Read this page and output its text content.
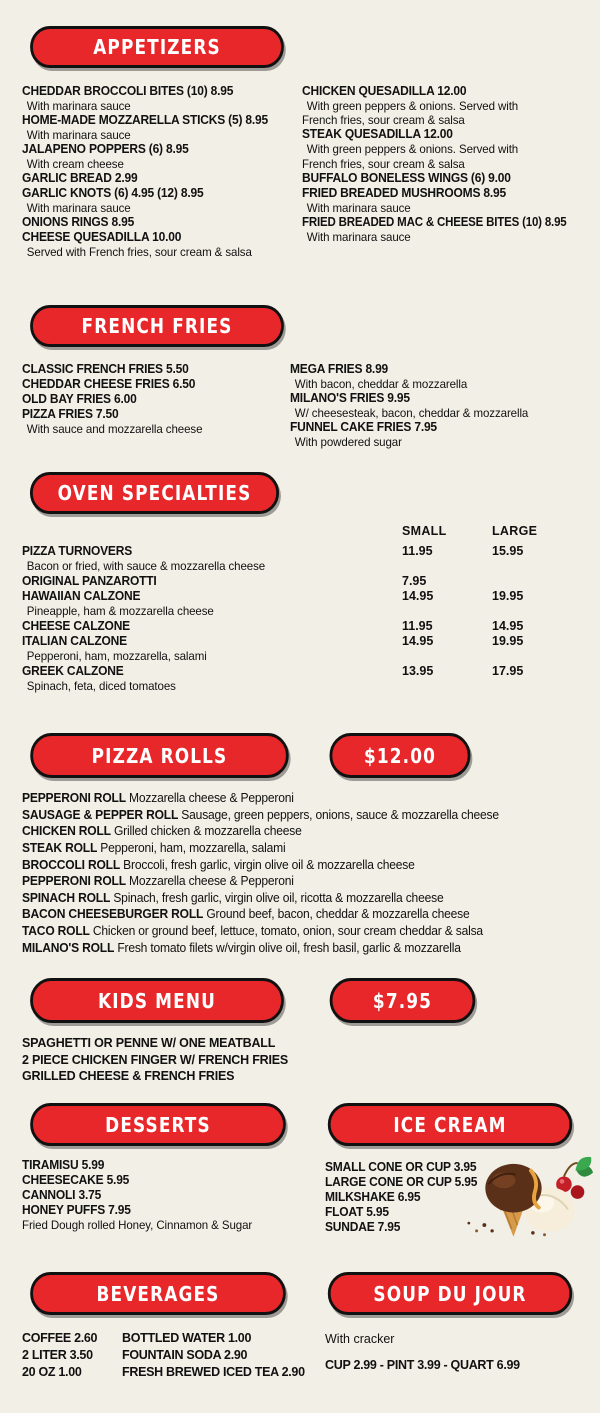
APPETIZERS
CHEDDAR BROCCOLI BITES (10) 8.95
With marinara sauce
HOME-MADE MOZZARELLA STICKS (5) 8.95
With marinara sauce
JALAPENO POPPERS (6) 8.95
With cream cheese
GARLIC BREAD 2.99
GARLIC KNOTS (6) 4.95 (12) 8.95
With marinara sauce
ONIONS RINGS 8.95
CHEESE QUESADILLA 10.00
Served with French fries, sour cream & salsa
CHICKEN QUESADILLA 12.00
With green peppers & onions. Served with
French fries, sour cream & salsa
STEAK QUESADILLA 12.00
With green peppers & onions. Served with
French fries, sour cream & salsa
BUFFALO BONELESS WINGS (6) 9.00
FRIED BREADED MUSHROOMS 8.95
With marinara sauce
FRIED BREADED MAC & CHEESE BITES (10) 8.95
With marinara sauce
FRENCH FRIES
CLASSIC FRENCH FRIES 5.50
CHEDDAR CHEESE FRIES 6.50
OLD BAY FRIES 6.00
PIZZA FRIES 7.50
With sauce and mozzarella cheese
MEGA FRIES 8.99
With bacon, cheddar & mozzarella
MILANO'S FRIES 9.95
W/ cheesesteak, bacon, cheddar & mozzarella
FUNNEL CAKE FRIES 7.95
With powdered sugar
OVEN SPECIALTIES
SMALL	LARGE
PIZZA TURNOVERS	11.95	15.95
Bacon or fried, with sauce & mozzarella cheese
ORIGINAL PANZAROTTI	7.95
HAWAIIAN CALZONE	14.95	19.95
Pineapple, ham & mozzarella cheese
CHEESE CALZONE	11.95	14.95
ITALIAN CALZONE	14.95	19.95
Pepperoni, ham, mozzarella, salami
GREEK CALZONE	13.95	17.95
Spinach, feta, diced tomatoes
PIZZA ROLLS	$12.00
PEPPERONI ROLL Mozzarella cheese & Pepperoni
SAUSAGE & PEPPER ROLL Sausage, green peppers, onions, sauce & mozzarella cheese
CHICKEN ROLL Grilled chicken & mozzarella cheese
STEAK ROLL Pepperoni, ham, mozzarella, salami
BROCCOLI ROLL Broccoli, fresh garlic, virgin olive oil & mozzarella cheese
PEPPERONI ROLL Mozzarella cheese & Pepperoni
SPINACH ROLL Spinach, fresh garlic, virgin olive oil, ricotta & mozzarella cheese
BACON CHEESEBURGER ROLL Ground beef, bacon, cheddar & mozzarella cheese
TACO ROLL Chicken or ground beef, lettuce, tomato, onion, sour cream cheddar & salsa
MILANO'S ROLL Fresh tomato filets w/virgin olive oil, fresh basil, garlic & mozzarella
KIDS MENU	$7.95
SPAGHETTI OR PENNE W/ ONE MEATBALL
2 PIECE CHICKEN FINGER W/ FRENCH FRIES
GRILLED CHEESE & FRENCH FRIES
DESSERTS
TIRAMISU 5.99
CHEESECAKE 5.95
CANNOLI 3.75
HONEY PUFFS 7.95
Fried Dough rolled Honey, Cinnamon & Sugar
ICE CREAM
SMALL CONE OR CUP 3.95
LARGE CONE OR CUP 5.95
MILKSHAKE 6.95
FLOAT 5.95
SUNDAE 7.95
BEVERAGES
COFFEE 2.60
2 LITER 3.50
20 OZ 1.00
BOTTLED WATER 1.00
FOUNTAIN SODA 2.90
FRESH BREWED ICED TEA 2.90
SOUP DU JOUR
With cracker
CUP 2.99 - PINT 3.99 - QUART 6.99
